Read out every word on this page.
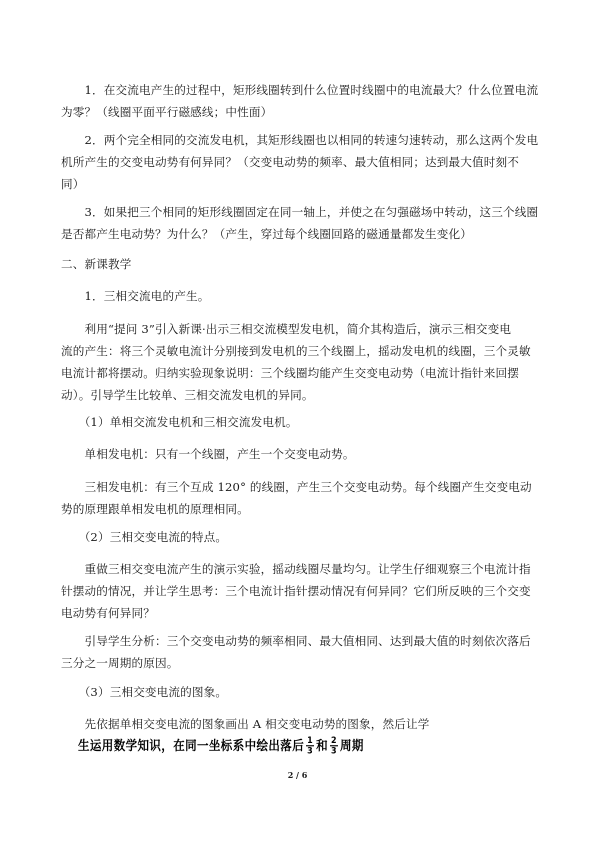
　　1．在交流电产生的过程中，矩形线圈转到什么位置时线圈中的电流最大？什么位置电流
为零？（线圈平面平行磁感线；中性面）
　　2．两个完全相同的交流发电机，其矩形线圈也以相同的转速匀速转动，那么这两个发电
机所产生的交变电动势有何异同？（交变电动势的频率、最大值相同；达到最大值时刻不
同）
　　3．如果把三个相同的矩形线圈固定在同一轴上，并使之在匀强磁场中转动，这三个线圈
是否都产生电动势？为什么？（产生，穿过每个线圈回路的磁通量都发生变化）
二、新课教学
　　1．三相交流电的产生。
　　利用“提问 3”引入新课·出示三相交流模型发电机，简介其构造后，演示三相交变电
流的产生：将三个灵敏电流计分别接到发电机的三个线圈上，摇动发电机的线圈，三个灵敏
电流计都将摆动。归纳实验现象说明：三个线圈均能产生交变电动势（电流计指针来回摆
动）。引导学生比较单、三相交流发电机的异同。
　　（1）单相交流发电机和三相交流发电机。
　　单相发电机：只有一个线圈，产生一个交变电动势。
　　三相发电机：有三个互成 120° 的线圈，产生三个交变电动势。每个线圈产生交变电动
势的原理跟单相发电机的原理相同。
　　（2）三相交变电流的特点。
　　重做三相交变电流产生的演示实验，摇动线圈尽量均匀。让学生仔细观察三个电流计指
针摆动的情况，并让学生思考：三个电流计指针摆动情况有何异同？它们所反映的三个交变
电动势有何异同？
　　引导学生分析：三个交变电动势的频率相同、最大值相同、达到最大值的时刻依次落后
三分之一周期的原因。
　　（3）三相交变电流的图象。
　　先依据单相交变电流的图象画出 A 相交变电动势的图象，然后让学
生运用数学知识，在同一坐标系中绘出落后 $\frac{1}{3}$ 和 $\frac{2}{3}$ 周期
2 / 6
